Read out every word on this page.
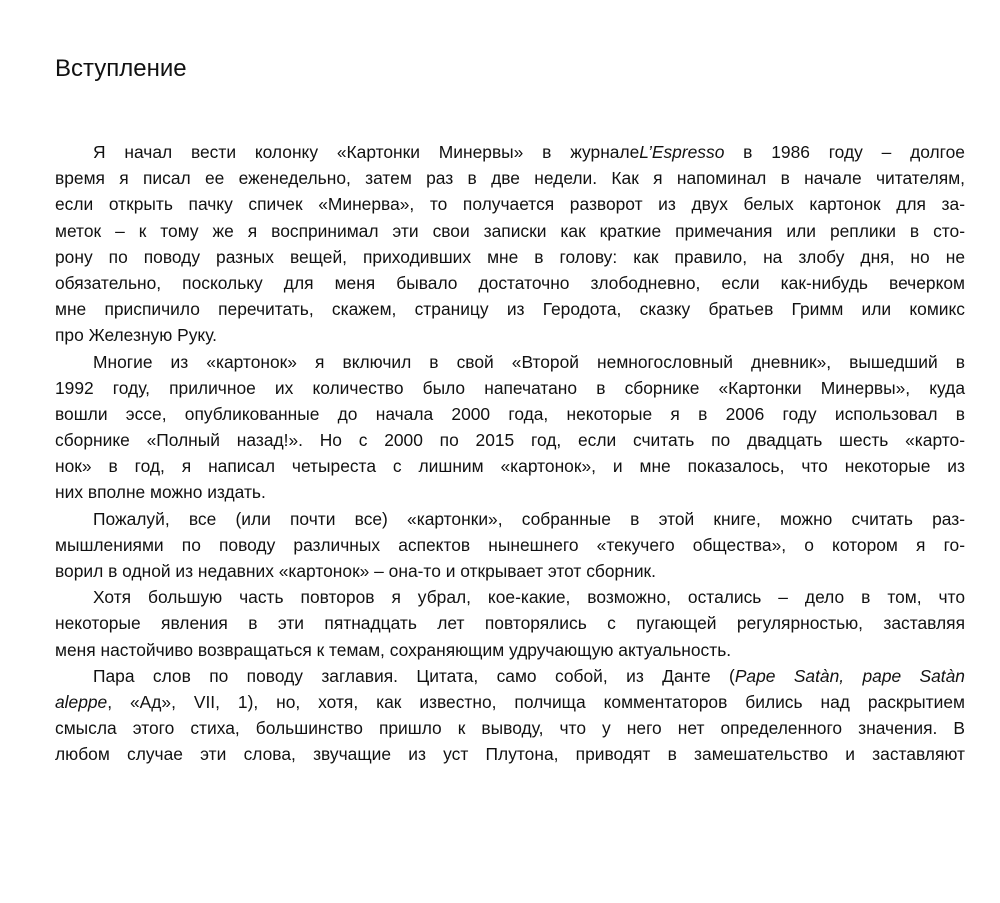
Вступление
Я начал вести колонку «Картонки Минервы» в журналеL’Espresso в 1986 году – долгое
время я писал ее еженедельно, затем раз в две недели. Как я напоминал в начале читателям,
если открыть пачку спичек «Минерва», то получается разворот из двух белых картонок для за-
меток – к тому же я воспринимал эти свои записки как краткие примечания или реплики в сто-
рону по поводу разных вещей, приходивших мне в голову: как правило, на злобу дня, но не
обязательно, поскольку для меня бывало достаточно злободневно, если как-нибудь вечерком
мне приспичило перечитать, скажем, страницу из Геродота, сказку братьев Гримм или комикс
про Железную Руку.
Многие из «картонок» я включил в свой «Второй немногословный дневник», вышедший в
1992 году, приличное их количество было напечатано в сборнике «Картонки Минервы», куда
вошли эссе, опубликованные до начала 2000 года, некоторые я в 2006 году использовал в
сборнике «Полный назад!». Но с 2000 по 2015 год, если считать по двадцать шесть «карто-
нок» в год, я написал четыреста с лишним «картонок», и мне показалось, что некоторые из
них вполне можно издать.
Пожалуй, все (или почти все) «картонки», собранные в этой книге, можно считать раз-
мышлениями по поводу различных аспектов нынешнего «текучего общества», о котором я го-
ворил в одной из недавних «картонок» – она-то и открывает этот сборник.
Хотя большую часть повторов я убрал, кое-какие, возможно, остались – дело в том, что
некоторые явления в эти пятнадцать лет повторялись с пугающей регулярностью, заставляя
меня настойчиво возвращаться к темам, сохраняющим удручающую актуальность.
Пара слов по поводу заглавия. Цитата, само собой, из Данте (Pape Satàn, pape Satàn
aleppe, «Ад», VII, 1), но, хотя, как известно, полчища комментаторов бились над раскрытием
смысла этого стиха, большинство пришло к выводу, что у него нет определенного значения. В
любом случае эти слова, звучащие из уст Плутона, приводят в замешательство и заставляют
